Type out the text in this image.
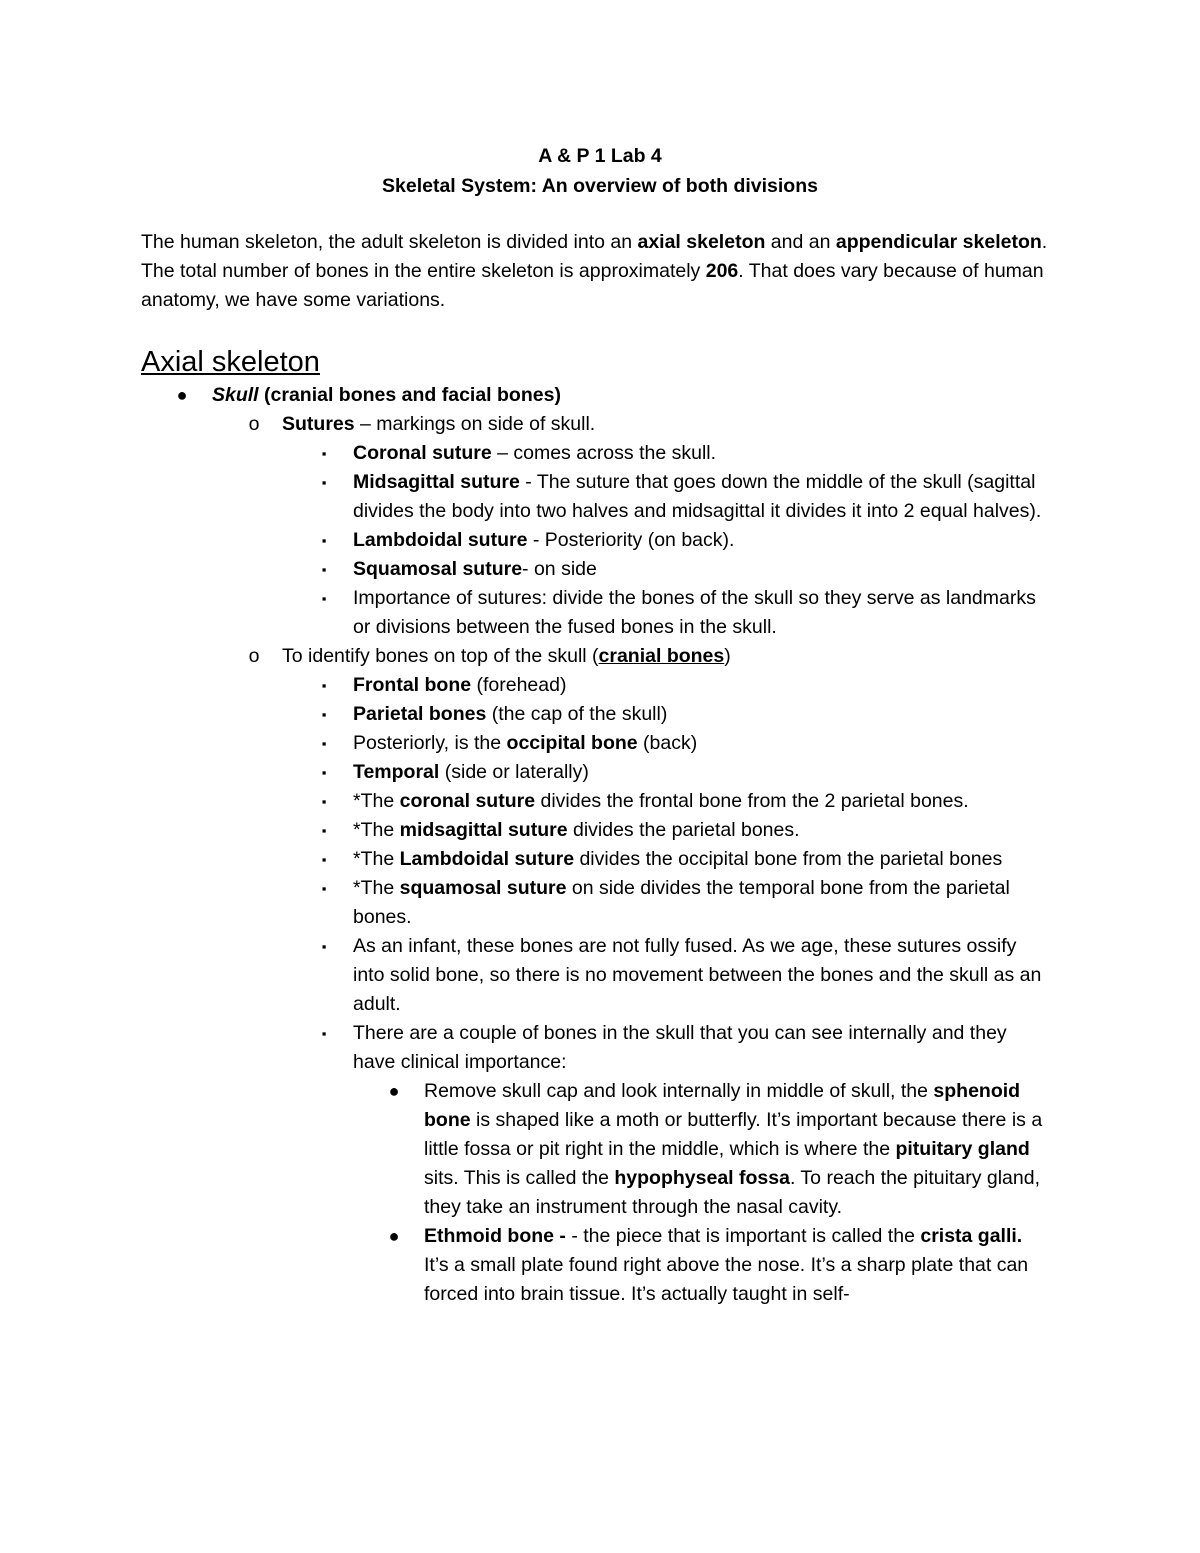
A & P 1 Lab 4
Skeletal System: An overview of both divisions

The human skeleton, the adult skeleton is divided into an axial skeleton and an appendicular skeleton. The total number of bones in the entire skeleton is approximately 206. That does vary because of human anatomy, we have some variations.

Axial skeleton
● Skull (cranial bones and facial bones)
o Sutures – markings on side of skull.
▪	Coronal suture – comes across the skull.
▪	Midsagittal suture - The suture that goes down the middle of the skull (sagittal divides the body into two halves and midsagittal it divides it into 2 equal halves).
▪	Lambdoidal suture - Posteriority (on back).
▪	Squamosal suture- on side
▪	Importance of sutures: divide the bones of the skull so they serve as landmarks or divisions between the fused bones in the skull.
o To identify bones on top of the skull (cranial bones)
▪	Frontal bone (forehead)
▪	Parietal bones (the cap of the skull)
▪	Posteriorly, is the occipital bone (back)
▪	Temporal (side or laterally)
▪	*The coronal suture divides the frontal bone from the 2 parietal bones.
▪	*The midsagittal suture divides the parietal bones.
▪	*The Lambdoidal suture divides the occipital bone from the parietal bones
▪	*The squamosal suture on side divides the temporal bone from the parietal bones.
▪	As an infant, these bones are not fully fused. As we age, these sutures ossify into solid bone, so there is no movement between the bones and the skull as an adult.
▪	There are a couple of bones in the skull that you can see internally and they have clinical importance:
● Remove skull cap and look internally in middle of skull, the sphenoid bone is shaped like a moth or butterfly. It’s important because there is a little fossa or pit right in the middle, which is where the pituitary gland sits. This is called the hypophyseal fossa. To reach the pituitary gland, they take an instrument through the nasal cavity.
● Ethmoid bone - - the piece that is important is called the crista galli. It’s a small plate found right above the nose. It’s a sharp plate that can forced into brain tissue. It’s actually taught in self-
